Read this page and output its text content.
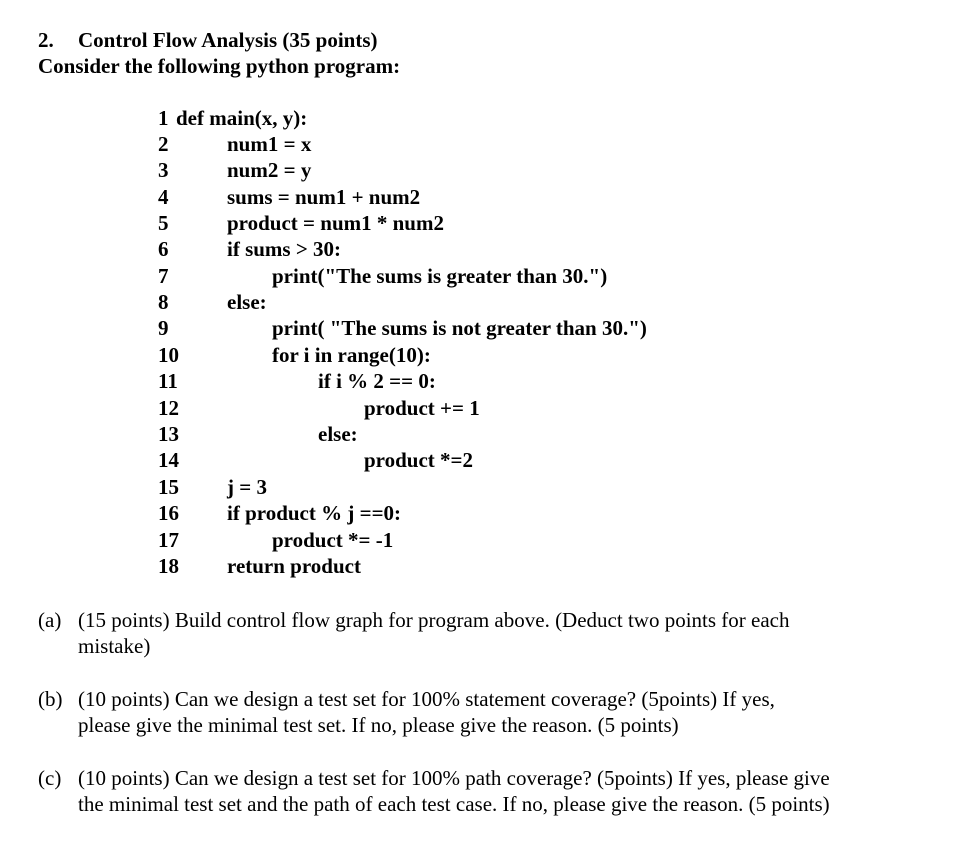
2. Control Flow Analysis (35 points)
Consider the following python program:
1 def main(x, y):
2	num1 = x
3	num2 = y
4	sums = num1 + num2
5	product = num1 * num2
6	if sums > 30:
7	print("The sums is greater than 30.")
8	else:
9	print( "The sums is not greater than 30.")
10	for i in range(10):
11	if i % 2 == 0:
12	product += 1
13	else:
14	product *=2
15 j = 3
16 if product % j ==0:
17	product *= -1
18 return product
(a) (15 points) Build control flow graph for program above. (Deduct two points for each
mistake)
(b) (10 points) Can we design a test set for 100% statement coverage? (5points) If yes,
please give the minimal test set. If no, please give the reason. (5 points)
(c) (10 points) Can we design a test set for 100% path coverage? (5points) If yes, please give
the minimal test set and the path of each test case. If no, please give the reason. (5 points)
